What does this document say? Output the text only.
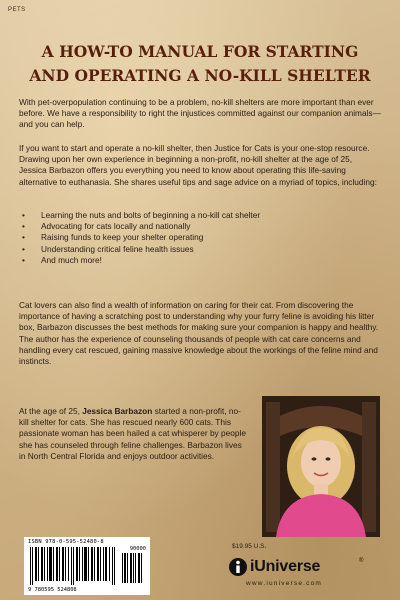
PETS
A HOW-TO MANUAL FOR STARTING
AND OPERATING A NO-KILL SHELTER

With pet-overpopulation continuing to be a problem, no-kill shelters are more important than ever before. We have a responsibility to right the injustices committed against our companion animals—and you can help.

If you want to start and operate a no-kill shelter, then Justice for Cats is your one-stop resource. Drawing upon her own experience in beginning a non-profit, no-kill shelter at the age of 25, Jessica Barbazon offers you everything you need to know about operating this life-saving alternative to euthanasia. She shares useful tips and sage advice on a myriad of topics, including:

• Learning the nuts and bolts of beginning a no-kill cat shelter
• Advocating for cats locally and nationally
• Raising funds to keep your shelter operating
• Understanding critical feline health issues
• And much more!

Cat lovers can also find a wealth of information on caring for their cat. From discovering the importance of having a scratching post to understanding why your furry feline is avoiding his litter box, Barbazon discusses the best methods for making sure your companion is happy and healthy. The author has the experience of counseling thousands of people with cat care concerns and handling every cat rescued, gaining massive knowledge about the workings of the feline mind and instincts.

At the age of 25, Jessica Barbazon started a non-profit, no-kill shelter for cats. She has rescued nearly 600 cats. This passionate woman has been hailed a cat whisperer by people she has counseled through feline challenges. Barbazon lives in North Central Florida and enjoys outdoor activities.

ISBN 978-0-595-52480-8
90000
9 780595 524808
$19.95 U.S.
iUniverse	®
www.iuniverse.com
